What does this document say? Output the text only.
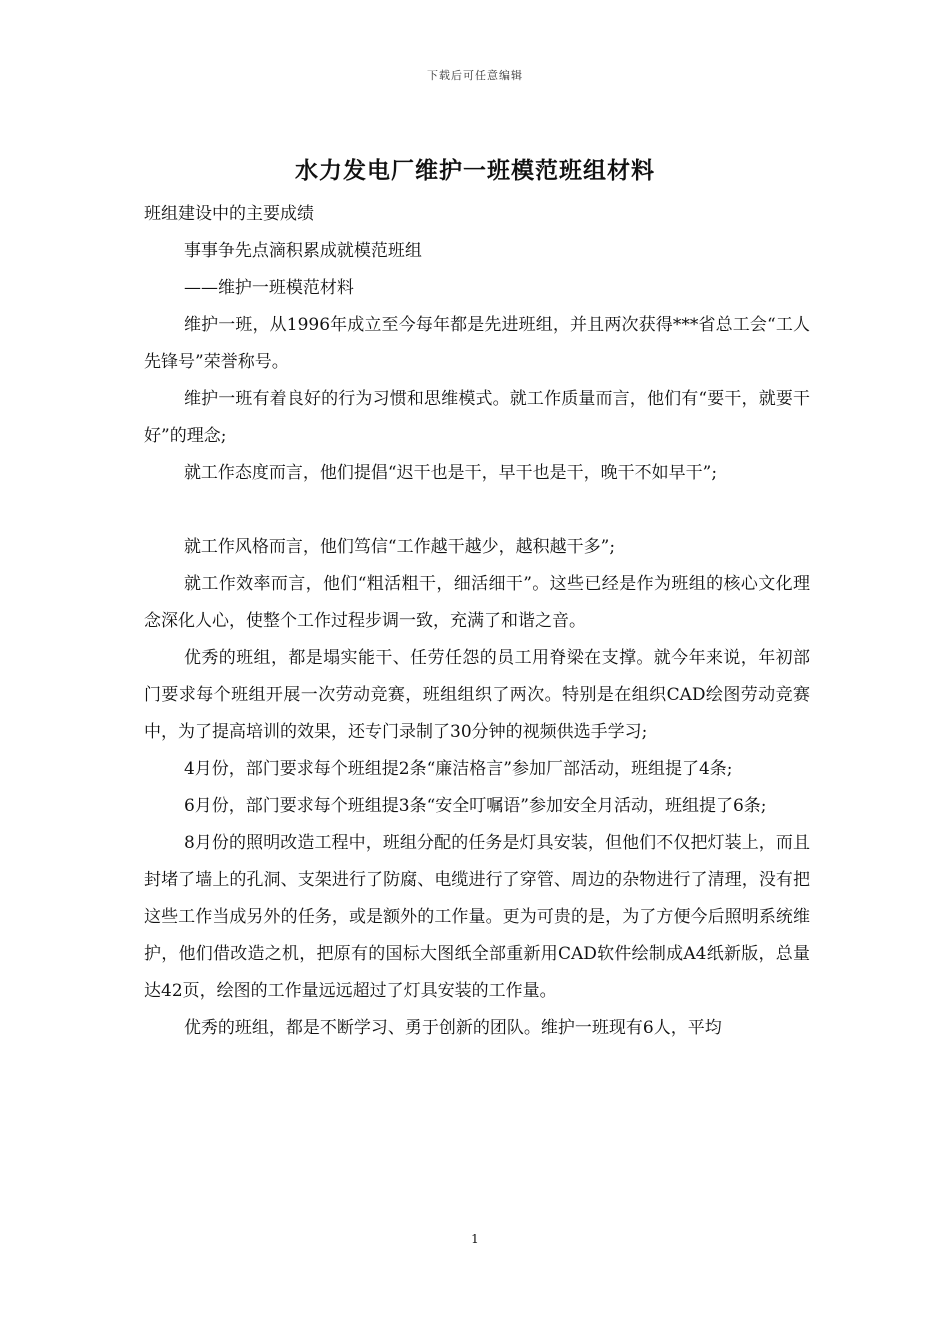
下载后可任意编辑
水力发电厂维护一班模范班组材料

班组建设中的主要成绩

事事争先点滴积累成就模范班组

——维护一班模范材料

维护一班，从1996年成立至今每年都是先进班组，并且两次获得***省总工会“工人先锋号”荣誉称号。

维护一班有着良好的行为习惯和思维模式。就工作质量而言，他们有“要干，就要干好”的理念;

就工作态度而言，他们提倡“迟干也是干，早干也是干，晚干不如早干”;

就工作风格而言，他们笃信“工作越干越少，越积越干多”;

就工作效率而言，他们“粗活粗干，细活细干”。这些已经是作为班组的核心文化理念深化人心，使整个工作过程步调一致，充满了和谐之音。

优秀的班组，都是塌实能干、任劳任怨的员工用脊梁在支撑。就今年来说，年初部门要求每个班组开展一次劳动竞赛，班组组织了两次。特别是在组织CAD绘图劳动竞赛中，为了提高培训的效果，还专门录制了30分钟的视频供选手学习;

4月份，部门要求每个班组提2条“廉洁格言”参加厂部活动，班组提了4条;

6月份，部门要求每个班组提3条“安全叮嘱语”参加安全月活动，班组提了6条;

8月份的照明改造工程中，班组分配的任务是灯具安装，但他们不仅把灯装上，而且封堵了墙上的孔洞、支架进行了防腐、电缆进行了穿管、周边的杂物进行了清理，没有把这些工作当成另外的任务，或是额外的工作量。更为可贵的是，为了方便今后照明系统维护，他们借改造之机，把原有的国标大图纸全部重新用CAD软件绘制成A4纸新版，总量达42页，绘图的工作量远远超过了灯具安装的工作量。

优秀的班组，都是不断学习、勇于创新的团队。维护一班现有6人，平均

1
